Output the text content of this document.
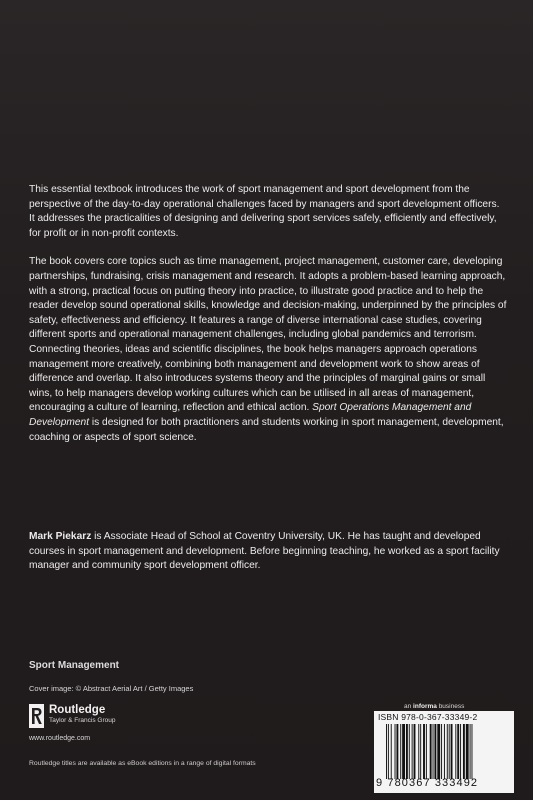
This essential textbook introduces the work of sport management and sport development from the perspective of the day-to-day operational challenges faced by managers and sport development officers. It addresses the practicalities of designing and delivering sport services safely, efficiently and effectively, for profit or in non-profit contexts.

The book covers core topics such as time management, project management, customer care, developing partnerships, fundraising, crisis management and research. It adopts a problem-based learning approach, with a strong, practical focus on putting theory into practice, to illustrate good practice and to help the reader develop sound operational skills, knowledge and decision-making, underpinned by the principles of safety, effectiveness and efficiency. It features a range of diverse international case studies, covering different sports and operational management challenges, including global pandemics and terrorism. Connecting theories, ideas and scientific disciplines, the book helps managers approach operations management more creatively, combining both management and development work to show areas of difference and overlap. It also introduces systems theory and the principles of marginal gains or small wins, to help managers develop working cultures which can be utilised in all areas of management, encouraging a culture of learning, reflection and ethical action. Sport Operations Management and Development is designed for both practitioners and students working in sport management, development, coaching or aspects of sport science.

Mark Piekarz is Associate Head of School at Coventry University, UK. He has taught and developed courses in sport management and development. Before beginning teaching, he worked as a sport facility manager and community sport development officer.
Sport Management
Cover image: © Abstract Aerial Art / Getty Images
Routledge
Taylor & Francis Group
www.routledge.com
Routledge titles are available as eBook editions in a range of digital formats
an informa business
ISBN 978-0-367-33349-2
9 780367 333492
